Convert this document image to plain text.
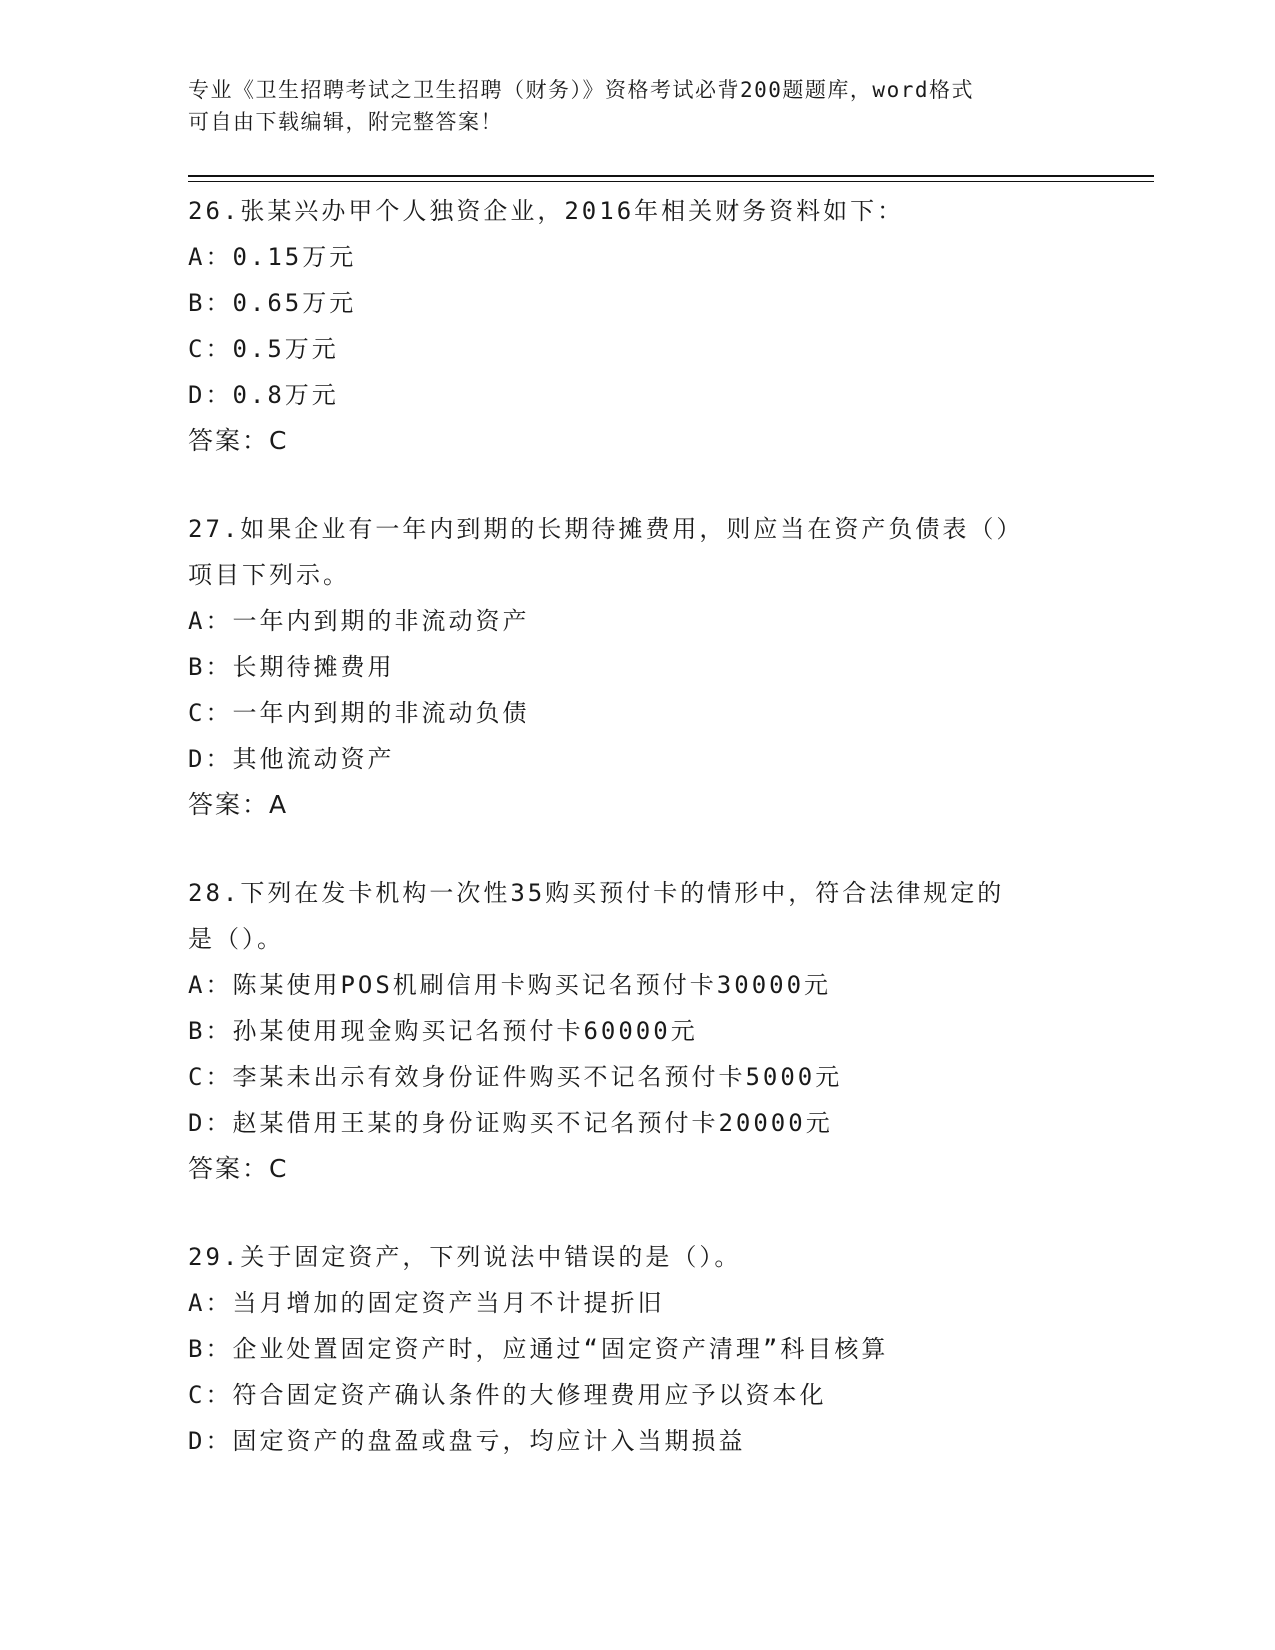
专业《卫生招聘考试之卫生招聘（财务）》资格考试必背200题题库，word格式
可自由下载编辑，附完整答案！
26.张某兴办甲个人独资企业，2016年相关财务资料如下：
A：0.15万元
B：0.65万元
C：0.5万元
D：0.8万元
答案：C
27.如果企业有一年内到期的长期待摊费用，则应当在资产负债表（）
项目下列示。
A：一年内到期的非流动资产
B：长期待摊费用
C：一年内到期的非流动负债
D：其他流动资产
答案：A
28.下列在发卡机构一次性35购买预付卡的情形中，符合法律规定的
是（）。
A：陈某使用POS机刷信用卡购买记名预付卡30000元
B：孙某使用现金购买记名预付卡60000元
C：李某未出示有效身份证件购买不记名预付卡5000元
D：赵某借用王某的身份证购买不记名预付卡20000元
答案：C
29.关于固定资产，下列说法中错误的是（）。
A：当月增加的固定资产当月不计提折旧
B：企业处置固定资产时，应通过“固定资产清理”科目核算
C：符合固定资产确认条件的大修理费用应予以资本化
D：固定资产的盘盈或盘亏，均应计入当期损益
